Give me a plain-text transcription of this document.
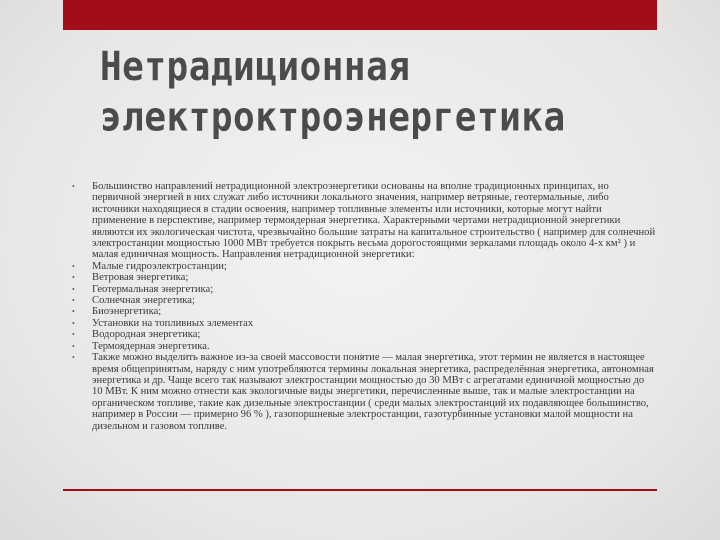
Нетрадиционная
электроктроэнергетика
• Большинство направлений нетрадиционной электроэнергетики основаны на вполне традиционных принципах, но первичной энергией в них служат либо источники локального значения, например ветряные, геотермальные, либо источники находящиеся в стадии освоения, например топливные элементы или источники, которые могут найти применение в перспективе, например термоядерная энергетика. Характерными чертами нетрадиционной энергетики являются их экологическая чистота, чрезвычайно большие затраты на капитальное строительство ( например для солнечной электростанции мощностью 1000 МВт требуется покрыть весьма дорогостоящими зеркалами площадь около 4-х км² ) и малая единичная мощность. Направления нетрадиционной энергетики:
• Малые гидроэлектростанции;
• Ветровая энергетика;
• Геотермальная энергетика;
• Солнечная энергетика;
• Биоэнергетика;
• Установки на топливных элементах
• Водородная энергетика;
• Термоядерная энергетика.
• Также можно выделить важное из-за своей массовости понятие — малая энергетика, этот термин не является в настоящее время общепринятым, наряду с ним употребляются термины локальная энергетика, распределённая энергетика, автономная энергетика и др. Чаще всего так называют электростанции мощностью до 30 МВт с агрегатами единичной мощностью до 10 МВт. К ним можно отнести как экологичные виды энергетики, перечисленные выше, так и малые электростанции на органическом топливе, такие как дизельные электростанции ( среди малых электростанций их подавляющее большинство, например в России — примерно 96 % ), газопоршневые электростанции, газотурбинные установки малой мощности на дизельном и газовом топливе.
